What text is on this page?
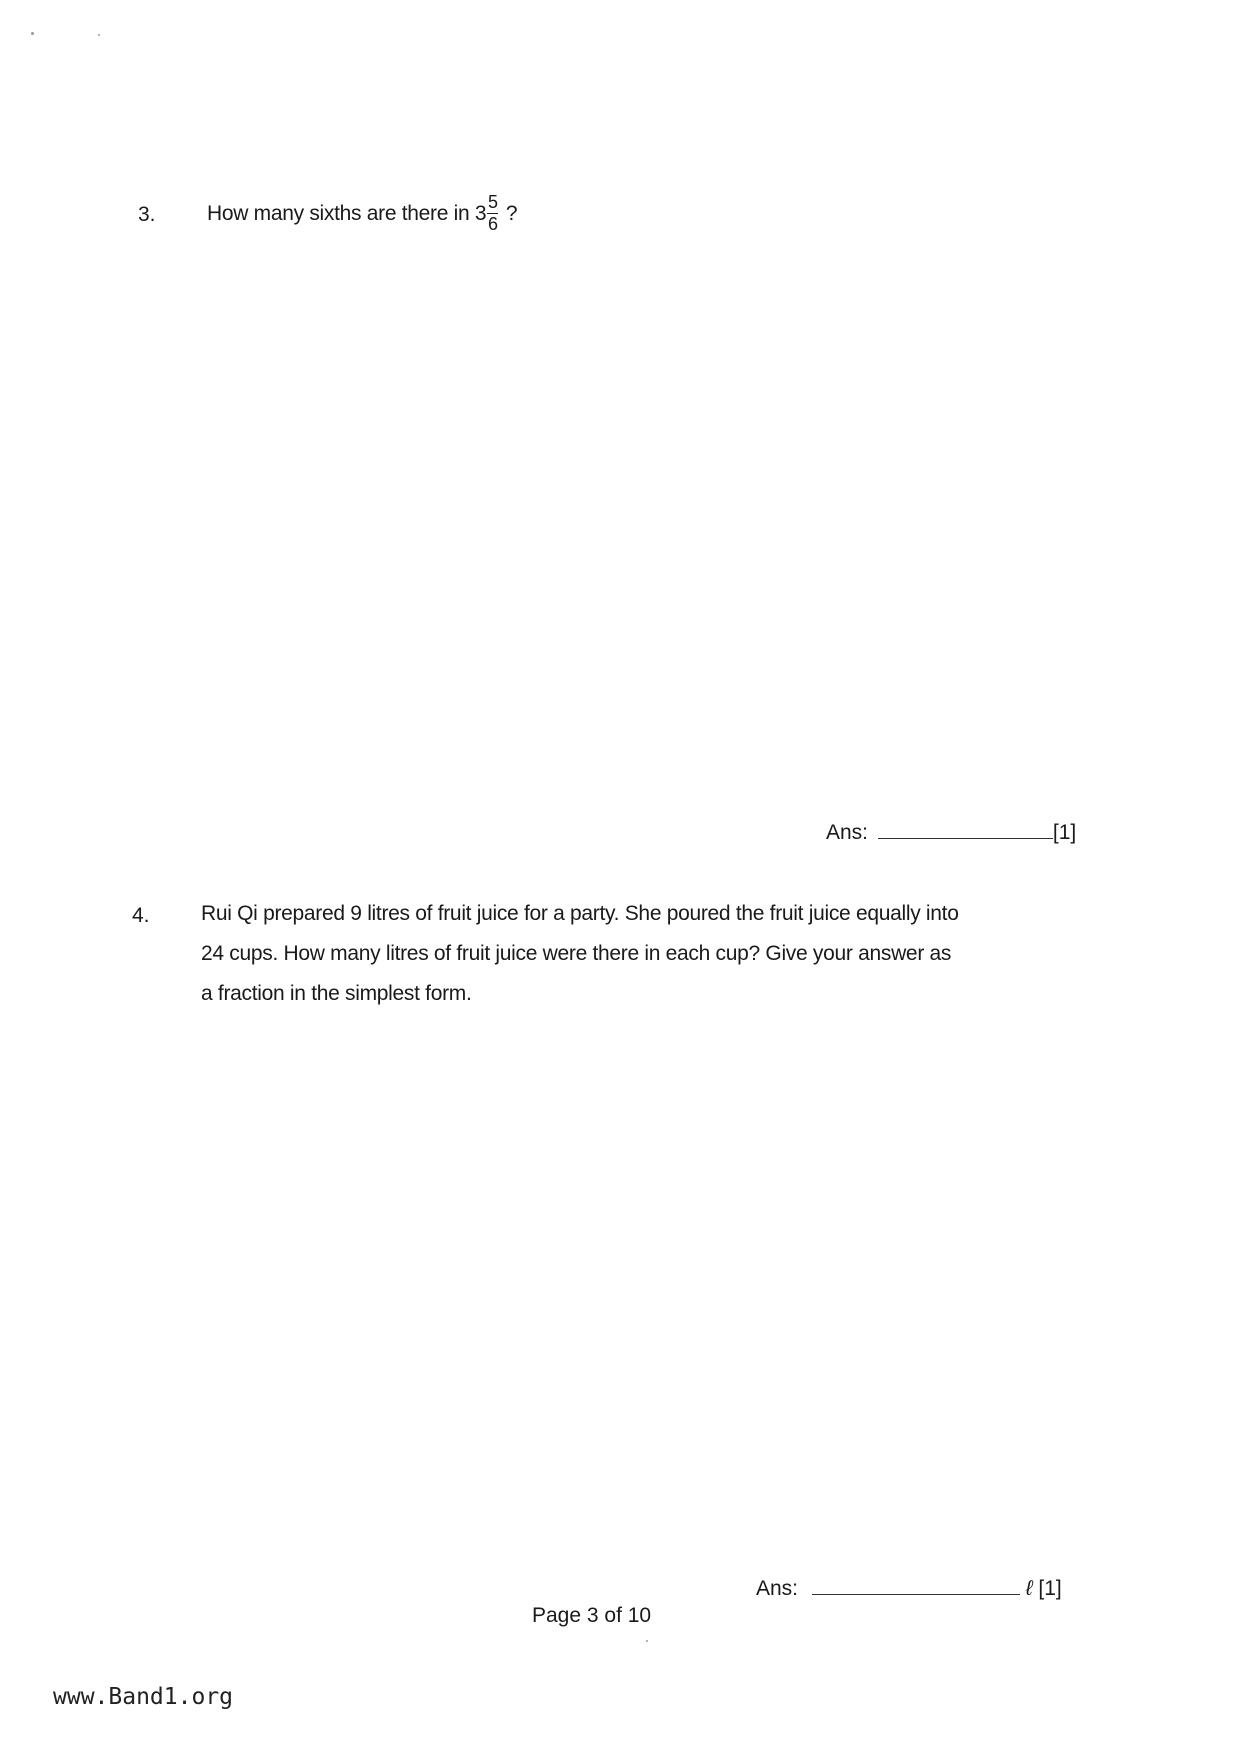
3. How many sixths are there in $3 \frac{5}{6}$ ?
Ans:	[1]
4. Rui Qi prepared 9 litres of fruit juice for a party. She poured the fruit juice equally into
24 cups. How many litres of fruit juice were there in each cup? Give your answer as
a fraction in the simplest form.
Ans:	ℓ [1]
Page 3 of 10
www.Band1.org
